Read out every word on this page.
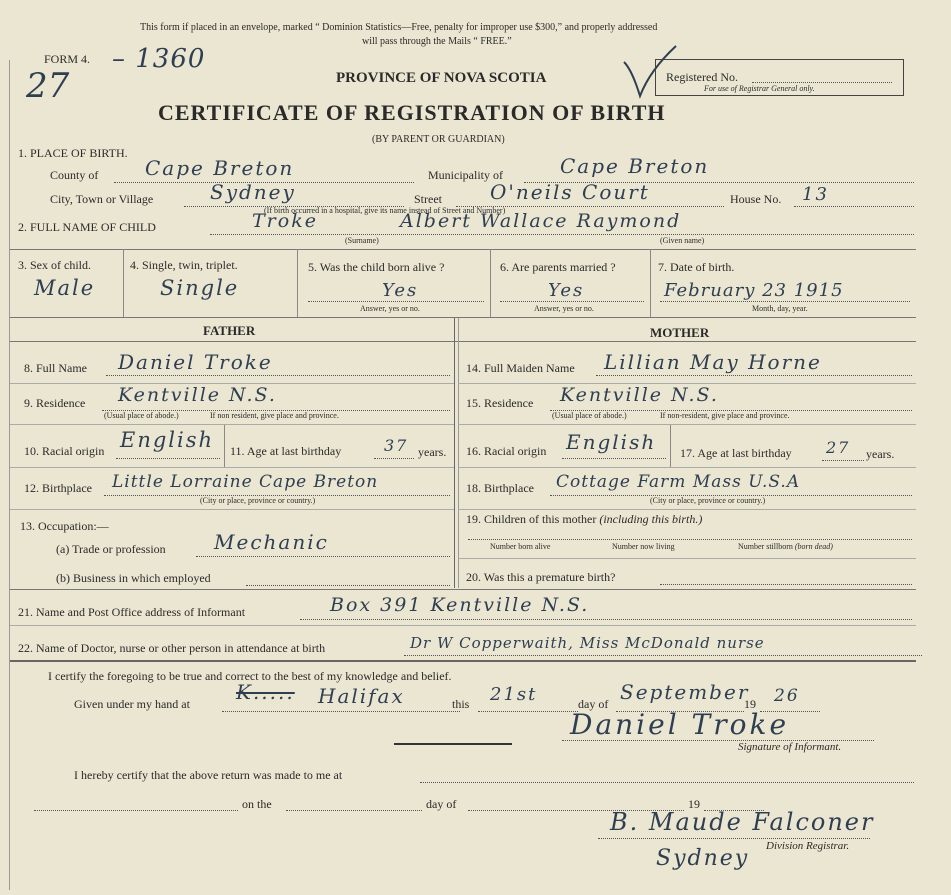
This form if placed in an envelope, marked “ Dominion Statistics—Free, penalty for improper use $300,” and properly addressed
will pass through the Mails “ FREE.”
FORM 4.
27
– 1360
PROVINCE OF NOVA SCOTIA
CERTIFICATE OF REGISTRATION OF BIRTH
(BY PARENT OR GUARDIAN)
Registered No.
For use of Registrar General only.
1. PLACE OF BIRTH.
County of Cape Breton	Municipality of	Cape Breton
City, Town or Village	Sydney	Street O'neils Court	House No. 13
(If birth occurred in a hospital, give its name instead of Street and Number)
2. FULL NAME OF CHILD	Troke	Albert Wallace Raymond
(Surname)	(Given name)
3. Sex of child.
Male
4. Single, twin, triplet.
Single
5. Was the child born alive ?
Yes
Answer, yes or no.
6. Are parents married ?
Yes
Answer, yes or no.
7. Date of birth.
February 23 1915
Month, day, year.
FATHER	MOTHER
8. Full Name Daniel Troke
9. Residence Kentville N.S.
(Usual place of abode.)	If non resident, give place and province.
10. Racial origin English 11. Age at last birthday	37 years.
12. Birthplace Little Lorraine Cape Breton
(City or place, province or country.)
13. Occupation:—
(a) Trade or profession Mechanic
(b) Business in which employed
14. Full Maiden Name Lillian May Horne
15. Residence Kentville N.S.
(Usual place of abode.)	If non-resident, give place and province.
16. Racial origin English 17. Age at last birthday 27 years.
18. Birthplace Cottage Farm Mass U.S.A
(City or place, province or country.)
19. Children of this mother (including this birth.)
Number born alive	Number now living	Number stillborn (born dead)
20. Was this a premature birth?
21. Name and Post Office address of Informant	Box 391 Kentville N.S.
22. Name of Doctor, nurse or other person in attendance at birth	Dr W Copperwaith, Miss McDonald nurse
I certify the foregoing to be true and correct to the best of my knowledge and belief.
Given under my hand at K..... Halifax	this 21st	day of September
19 26
Daniel Troke
Signature of Informant.
I hereby certify that the above return was made to me at
on the	day of	19
B. Maude Falconer
Division Registrar.
Sydney
